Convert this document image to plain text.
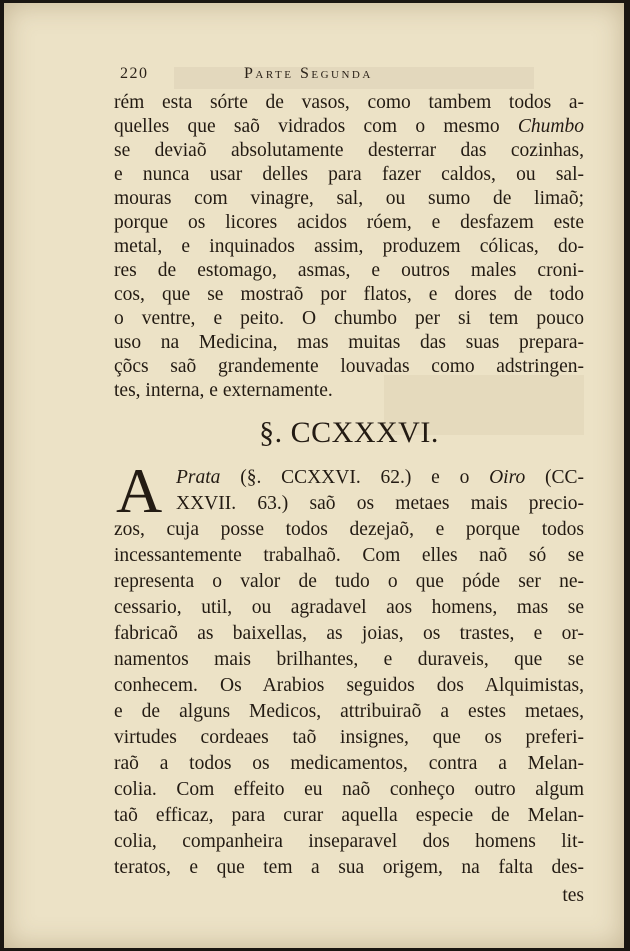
220	Parte Segunda
rém esta sórte de vasos, como tambem todos a-
quelles que saõ vidrados com o mesmo Chumbo
se deviaõ absolutamente desterrar das cozinhas,
e nunca usar delles para fazer caldos, ou sal-
mouras com vinagre, sal, ou sumo de limaõ;
porque os licores acidos róem, e desfazem este
metal, e inquinados assim, produzem cólicas, do-
res de estomago, asmas, e outros males croni-
cos, que se mostraõ por flatos, e dores de todo
o ventre, e peito. O chumbo per si tem pouco
uso na Medicina, mas muitas das suas prepara-
çõcs saõ grandemente louvadas como adstringen-
tes, interna, e externamente.
§. CCXXXVI.
A Prata (§. CCXXVI. 62.) e o Oiro (CC-
XXVII. 63.) saõ os metaes mais precio-
zos, cuja posse todos dezejaõ, e porque todos
incessantemente trabalhaõ. Com elles naõ só se
representa o valor de tudo o que póde ser ne-
cessario, util, ou agradavel aos homens, mas se
fabricaõ as baixellas, as joias, os trastes, e or-
namentos mais brilhantes, e duraveis, que se
conhecem. Os Arabios seguidos dos Alquimistas,
e de alguns Medicos, attribuiraõ a estes metaes,
virtudes cordeaes taõ insignes, que os preferi-
raõ a todos os medicamentos, contra a Melan-
colia. Com effeito eu naõ conheço outro algum
taõ efficaz, para curar aquella especie de Melan-
colia, companheira inseparavel dos homens lit-
teratos, e que tem a sua origem, na falta des-
tes
